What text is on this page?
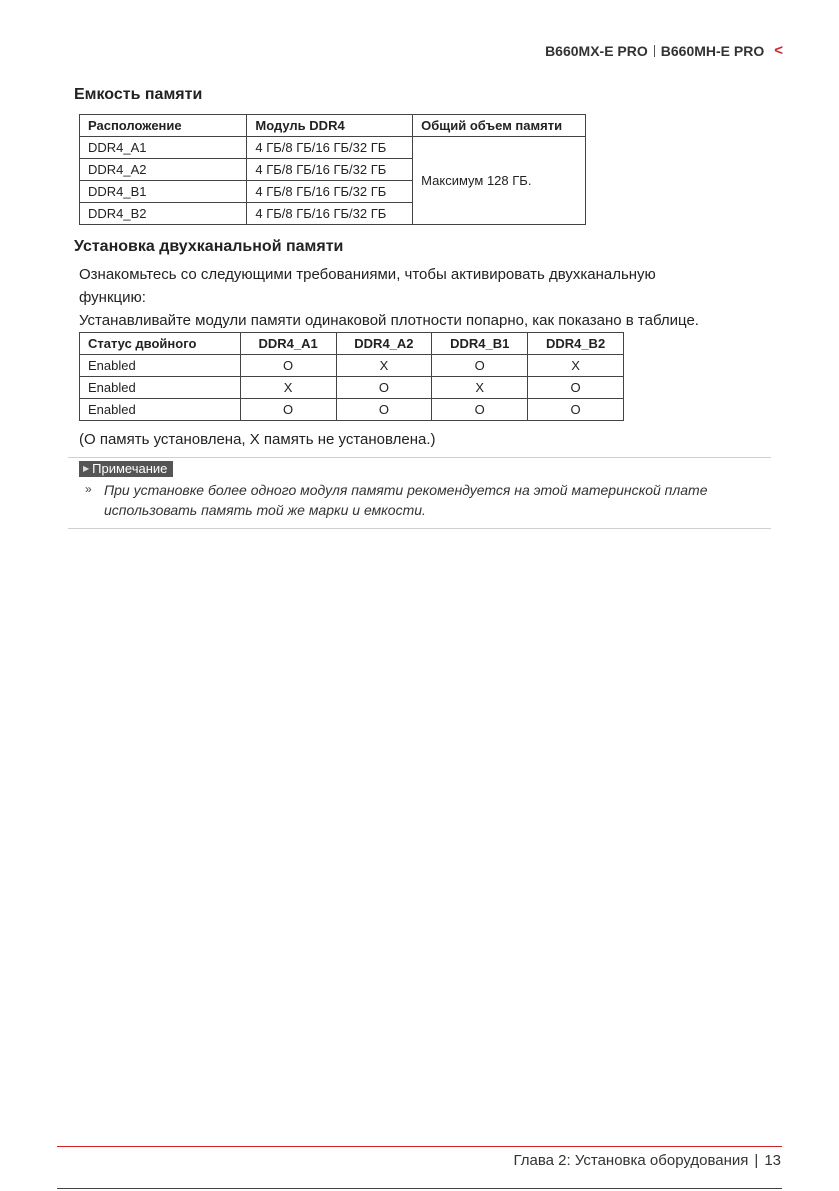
B660MX-E PRO B660MH-E PRO <
Емкость памяти
Расположение	Модуль DDR4	Общий объем памяти
DDR4_A1	4 ГБ/8 ГБ/16 ГБ/32 ГБ	Максимум 128 ГБ.
DDR4_A2	4 ГБ/8 ГБ/16 ГБ/32 ГБ	
DDR4_B1	4 ГБ/8 ГБ/16 ГБ/32 ГБ	
DDR4_B2	4 ГБ/8 ГБ/16 ГБ/32 ГБ	
Установка двухканальной памяти
Ознакомьтесь со следующими требованиями, чтобы активировать двухканальную
функцию:
Устанавливайте модули памяти одинаковой плотности попарно, как показано в таблице.
Статус двойного	DDR4_A1	DDR4_A2	DDR4_B1	DDR4_B2
Enabled	O	X	O	X
Enabled	X	O	X	O
Enabled	O	O	O	O

(O память установлена, X память не установлена.)

▶ Примечание
» При установке более одного модуля памяти рекомендуется на этой материнской плате использовать память той же марки и емкости.

Глава 2: Установка оборудования | 13
